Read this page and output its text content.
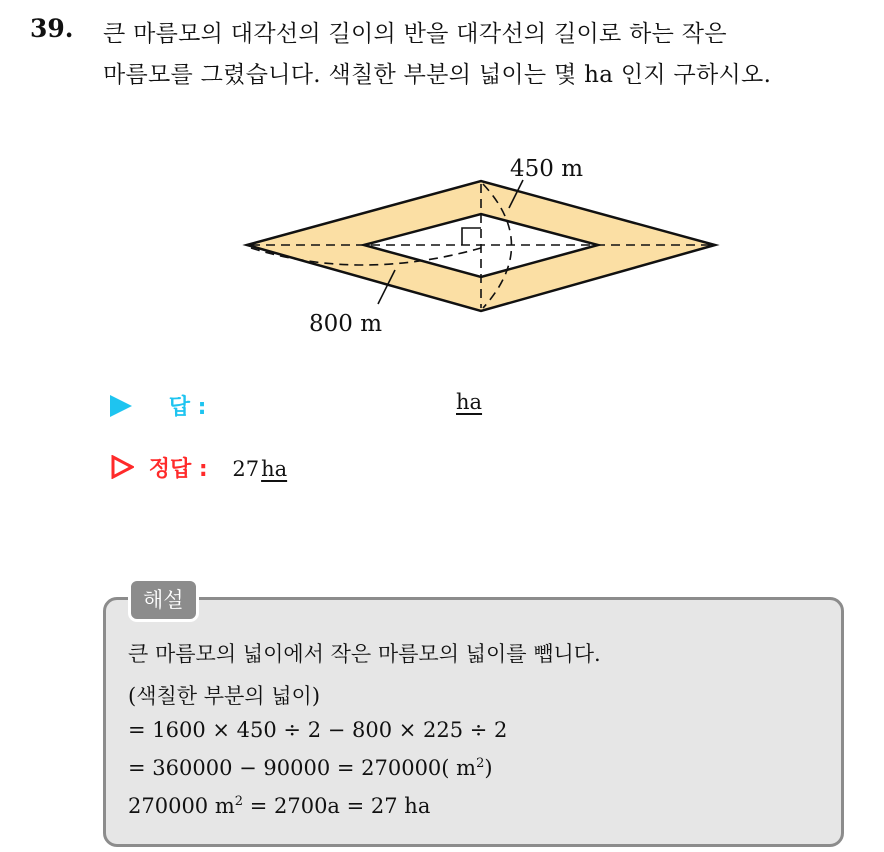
39. 큰 마름모의 대각선의 길이의 반을 대각선의 길이로 하는 작은
마름모를 그렸습니다. 색칠한 부분의 넓이는 몇 ha 인지 구하시오.
450 m
800 m
답 :	ha
정답 : 27ha
큰 마름모의 넓이에서 작은 마름모의 넓이를 뺍니다.
(색칠한 부분의 넓이)
= 1600 × 450 ÷ 2 − 800 × 225 ÷ 2
= 360000 − 90000 = 270000( $m^2$)
270000 $m^2 = 2700a = 27$ ha
해설
